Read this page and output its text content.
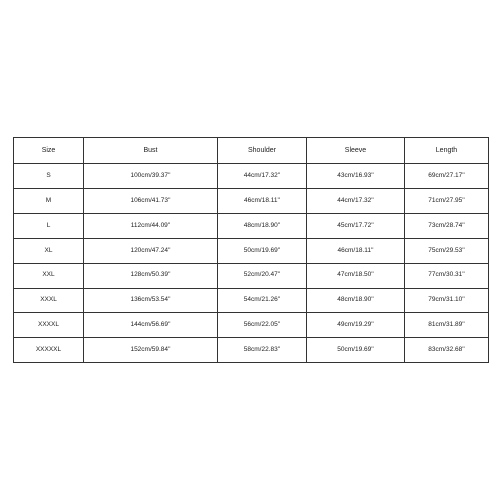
Size	Bust	Shoulder	Sleeve	Length
S	100cm/39.37''	44cm/17.32''	43cm/16.93''	69cm/27.17''
M	106cm/41.73''	46cm/18.11''	44cm/17.32''	71cm/27.95''
L	112cm/44.09''	48cm/18.90''	45cm/17.72''	73cm/28.74''
XL	120cm/47.24''	50cm/19.69''	46cm/18.11''	75cm/29.53''
XXL	128cm/50.39''	52cm/20.47''	47cm/18.50''	77cm/30.31''
XXXL	136cm/53.54''	54cm/21.26''	48cm/18.90''	79cm/31.10''
XXXXL	144cm/56.69''	56cm/22.05''	49cm/19.29''	81cm/31.89''
XXXXXL	152cm/59.84''	58cm/22.83''	50cm/19.69''	83cm/32.68''
